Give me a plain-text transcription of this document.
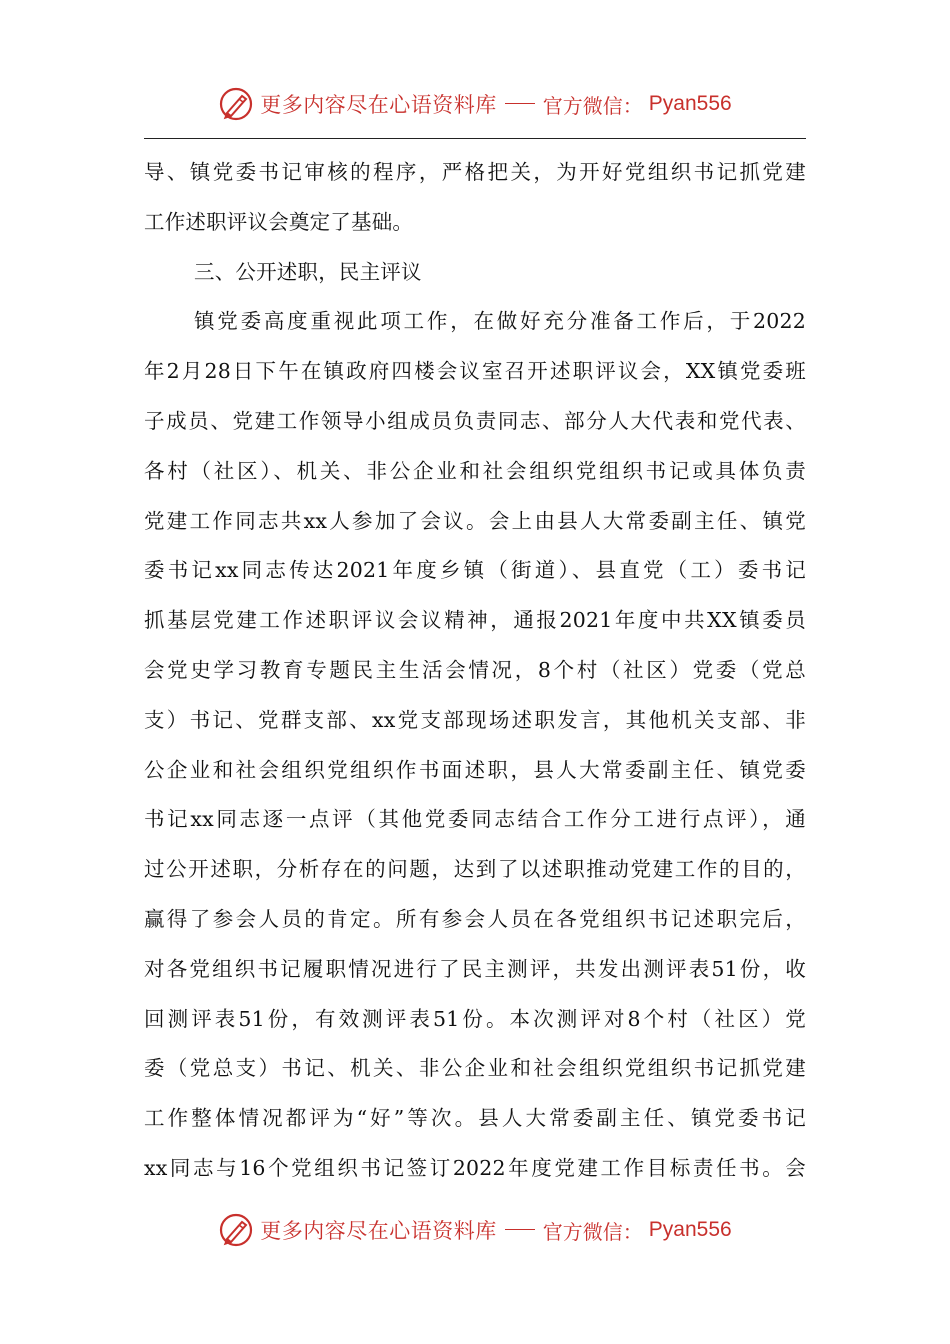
更多内容尽在心语资料库 官方微信： Pyan556
导、镇党委书记审核的程序，严格把关，为开好党组织书记抓党建
工作述职评议会奠定了基础。
三、公开述职，民主评议
镇党委高度重视此项工作，在做好充分准备工作后，于2022
年2月28日下午在镇政府四楼会议室召开述职评议会，XX镇党委班
子成员、党建工作领导小组成员负责同志、部分人大代表和党代表、
各村（社区）、机关、非公企业和社会组织党组织书记或具体负责
党建工作同志共xx人参加了会议。会上由县人大常委副主任、镇党
委书记xx同志传达2021年度乡镇（街道）、县直党（工）委书记
抓基层党建工作述职评议会议精神，通报2021年度中共XX镇委员
会党史学习教育专题民主生活会情况，8个村（社区）党委（党总
支）书记、党群支部、xx党支部现场述职发言，其他机关支部、非
公企业和社会组织党组织作书面述职，县人大常委副主任、镇党委
书记xx同志逐一点评（其他党委同志结合工作分工进行点评），通
过公开述职，分析存在的问题，达到了以述职推动党建工作的目的，
赢得了参会人员的肯定。所有参会人员在各党组织书记述职完后，
对各党组织书记履职情况进行了民主测评，共发出测评表51份，收
回测评表51份，有效测评表51份。本次测评对8个村（社区）党
委（党总支）书记、机关、非公企业和社会组织党组织书记抓党建
工作整体情况都评为“好”等次。县人大常委副主任、镇党委书记
xx同志与16个党组织书记签订2022年度党建工作目标责任书。会
更多内容尽在心语资料库 官方微信： Pyan556
